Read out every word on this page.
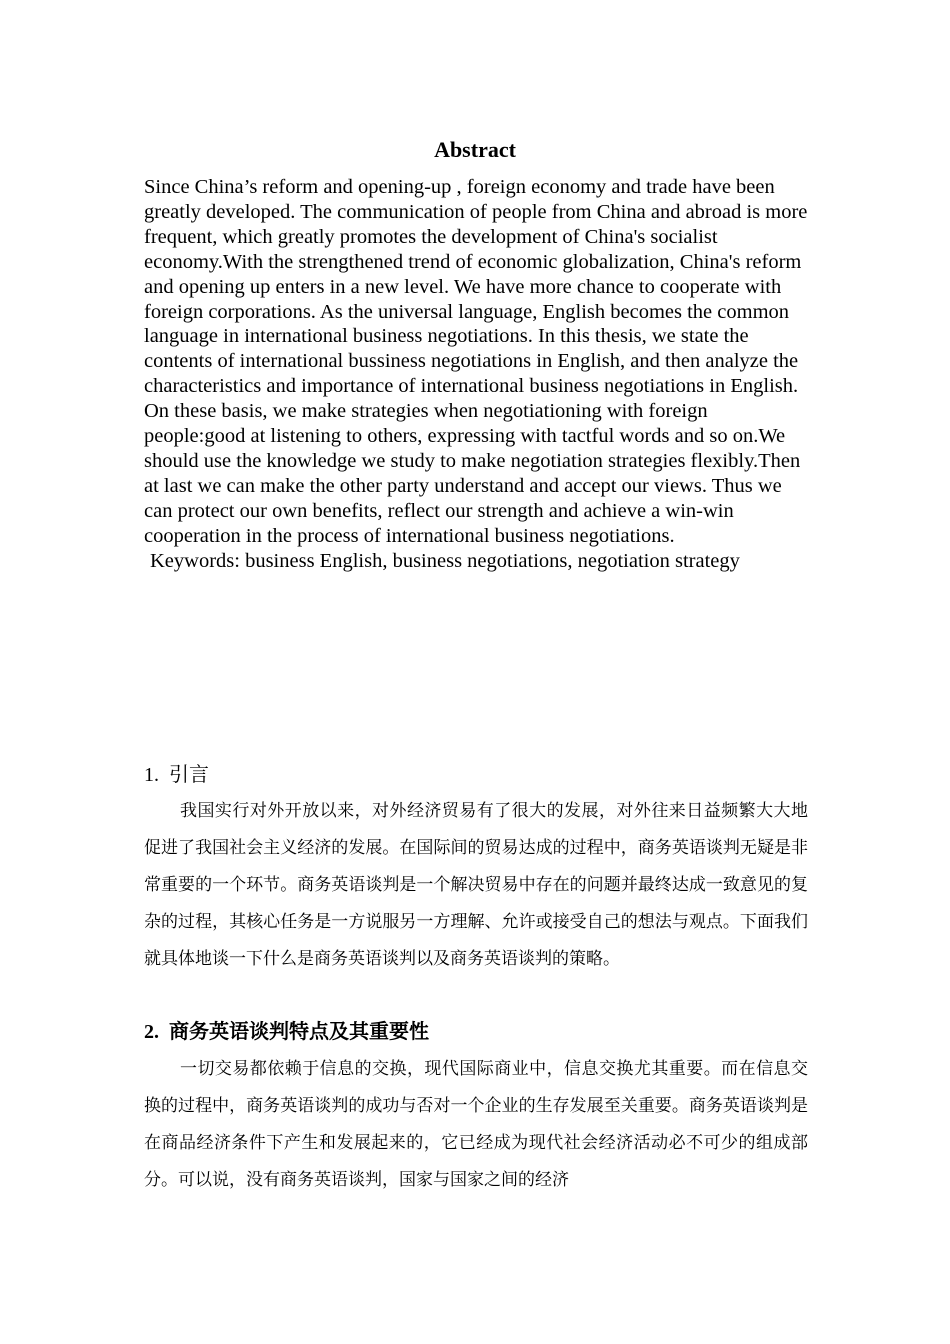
Abstract
Since China’s reform and opening-up , foreign economy and trade have been greatly developed. The communication of people from China and abroad is more frequent, which greatly promotes the development of China's socialist economy.With the strengthened trend of economic globalization, China's reform and opening up enters in a new level. We have more chance to cooperate with foreign corporations. As the universal language, English becomes the common language in international business negotiations. In this thesis, we state the contents of international bussiness negotiations in English, and then analyze the characteristics and importance of international business negotiations in English. On these basis, we make strategies when negotiationing with foreign people:good at listening to others, expressing with tactful words and so on.We should use the knowledge we study to make negotiation strategies flexibly.Then at last we can make the other party understand and accept our views. Thus we can protect our own benefits, reflect our strength and achieve a win-win cooperation in the process of international business negotiations.
Keywords: business English, business negotiations, negotiation strategy
1. 引言

我国实行对外开放以来，对外经济贸易有了很大的发展，对外往来日益频繁大大地促进了我国社会主义经济的发展。在国际间的贸易达成的过程中，商务英语谈判无疑是非常重要的一个环节。商务英语谈判是一个解决贸易中存在的问题并最终达成一致意见的复杂的过程，其核心任务是一方说服另一方理解、允许或接受自己的想法与观点。下面我们就具体地谈一下什么是商务英语谈判以及商务英语谈判的策略。

2. 商务英语谈判特点及其重要性

一切交易都依赖于信息的交换，现代国际商业中，信息交换尤其重要。而在信息交换的过程中，商务英语谈判的成功与否对一个企业的生存发展至关重要。商务英语谈判是在商品经济条件下产生和发展起来的，它已经成为现代社会经济活动必不可少的组成部分。可以说，没有商务英语谈判，国家与国家之间的经济
